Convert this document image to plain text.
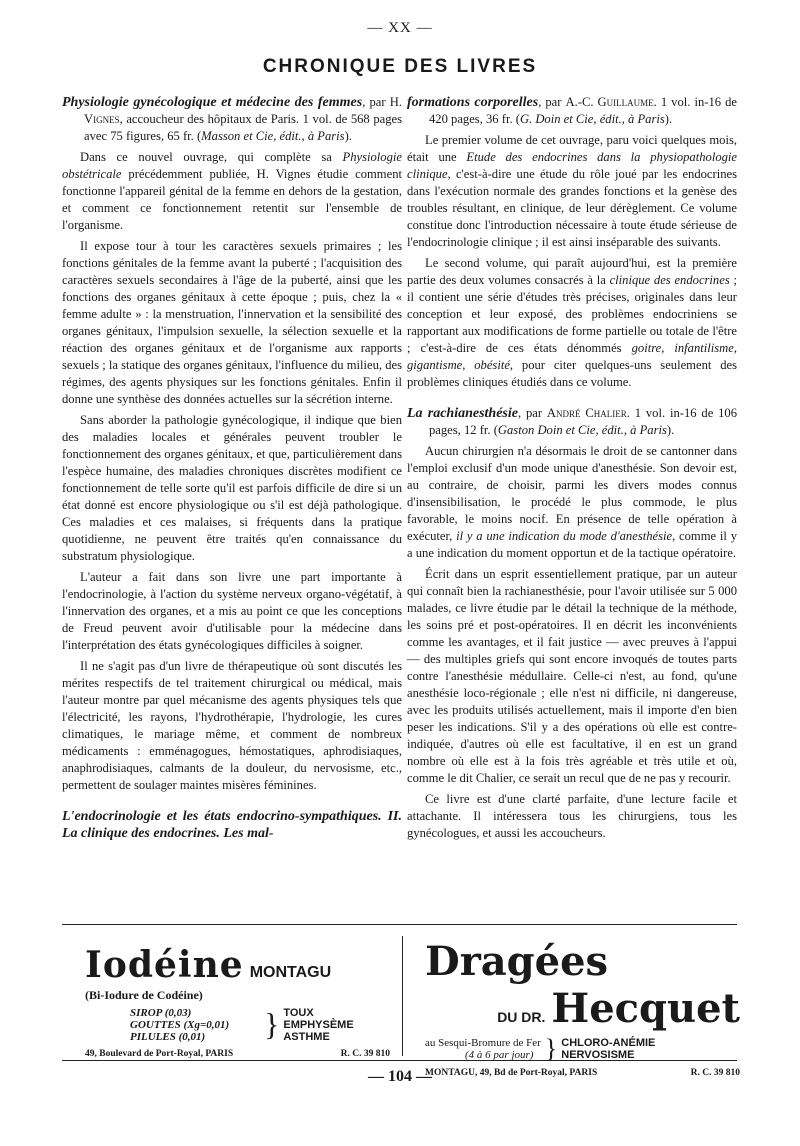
— XX —
CHRONIQUE DES LIVRES

Physiologie gynécologique et médecine des femmes, par H. Vignes, accoucheur des hôpitaux de Paris. 1 vol. de 568 pages avec 75 figures, 65 fr. (Masson et Cie, édit., à Paris).

Dans ce nouvel ouvrage, qui complète sa Physiologie obstétricale précédemment publiée, H. Vignes étudie comment fonctionne l'appareil génital de la femme en dehors de la gestation, et comment ce fonctionnement retentit sur l'ensemble de l'organisme.

Il expose tour à tour les caractères sexuels primaires ; les fonctions génitales de la femme avant la puberté ; l'acquisition des caractères sexuels secondaires à l'âge de la puberté, ainsi que les fonctions des organes génitaux à cette époque ; puis, chez la « femme adulte » : la menstruation, l'innervation et la sensibilité des organes génitaux, l'impulsion sexuelle, la sélection sexuelle et la réaction des organes génitaux et de l'organisme aux rapports sexuels ; la statique des organes génitaux, l'influence du milieu, des régimes, des agents physiques sur les fonctions génitales. Enfin il donne une synthèse des données actuelles sur la sécrétion interne.

Sans aborder la pathologie gynécologique, il indique que bien des maladies locales et générales peuvent troubler le fonctionnement des organes génitaux, et que, particulièrement dans l'espèce humaine, des maladies chroniques discrètes modifient ce fonctionnement de telle sorte qu'il est parfois difficile de dire si un état donné est encore physiologique ou s'il est déjà pathologique. Ces maladies et ces malaises, si fréquents dans la pratique quotidienne, ne peuvent être traités qu'en connaissance du substratum physiologique.

L'auteur a fait dans son livre une part importante à l'endocrinologie, à l'action du système nerveux organo-végétatif, à l'innervation des organes, et a mis au point ce que les conceptions de Freud peuvent avoir d'utilisable pour la médecine dans l'interprétation des états gynécologiques difficiles à soigner.

Il ne s'agit pas d'un livre de thérapeutique où sont discutés les mérites respectifs de tel traitement chirurgical ou médical, mais l'auteur montre par quel mécanisme des agents physiques tels que l'électricité, les rayons, l'hydrothérapie, l'hydrologie, les cures climatiques, le mariage même, et comment de nombreux médicaments : emménagogues, hémostatiques, aphrodisiaques, anaphrodisiaques, calmants de la douleur, du nervosisme, etc., permettent de soulager maintes misères féminines.

L'endocrinologie et les états endocrino-sympathiques. II. La clinique des endocrines. Les mal-

formations corporelles, par A.-C. Guillaume. 1 vol. in-16 de 420 pages, 36 fr. (G. Doin et Cie, édit., à Paris).

Le premier volume de cet ouvrage, paru voici quelques mois, était une Etude des endocrines dans la physiopathologie clinique, c'est-à-dire une étude du rôle joué par les endocrines dans l'exécution normale des grandes fonctions et la genèse des troubles résultant, en clinique, de leur dérèglement. Ce volume constitue donc l'introduction nécessaire à toute étude sérieuse de l'endocrinologie clinique ; il est ainsi inséparable des suivants.

Le second volume, qui paraît aujourd'hui, est la première partie des deux volumes consacrés à la clinique des endocrines ; il contient une série d'études très précises, originales dans leur conception et leur exposé, des problèmes endocriniens se rapportant aux modifications de forme partielle ou totale de l'être ; c'est-à-dire de ces états dénommés goitre, infantilisme, gigantisme, obésité, pour citer quelques-uns seulement des problèmes cliniques étudiés dans ce volume.

La rachianesthésie, par André Chalier. 1 vol. in-16 de 106 pages, 12 fr. (Gaston Doin et Cie, édit., à Paris).

Aucun chirurgien n'a désormais le droit de se cantonner dans l'emploi exclusif d'un mode unique d'anesthésie. Son devoir est, au contraire, de choisir, parmi les divers modes connus d'insensibilisation, le procédé le plus commode, le plus favorable, le moins nocif. En présence de telle opération à exécuter, il y a une indication du mode d'anesthésie, comme il y a une indication du moment opportun et de la tactique opératoire.

Écrit dans un esprit essentiellement pratique, par un auteur qui connaît bien la rachianesthésie, pour l'avoir utilisée sur 5 000 malades, ce livre étudie par le détail la technique de la méthode, les soins pré et post-opératoires. Il en décrit les inconvénients comme les avantages, et il fait justice — avec preuves à l'appui — des multiples griefs qui sont encore invoqués de toutes parts contre l'anesthésie médullaire. Celle-ci n'est, au fond, qu'une anesthésie loco-régionale ; elle n'est ni difficile, ni dangereuse, avec les produits utilisés actuellement, mais il importe d'en bien peser les indications. S'il y a des opérations où elle est contre-indiquée, d'autres où elle est facultative, il en est un grand nombre où elle est à la fois très agréable et très utile et où, comme le dit Chalier, ce serait un recul que de ne pas y recourir.

Ce livre est d'une clarté parfaite, d'une lecture facile et attachante. Il intéressera tous les chirurgiens, tous les gynécologues, et aussi les accoucheurs.

Iodéine MONTAGU
(Bi-Iodure de Codéine)
SIROP (0,03)
GOUTTES (Xg=0,01)
PILULES (0,01)	} TOUX
EMPHYSÈME
ASTHME
49, Boulevard de Port-Royal, PARIS	R. C. 39 810
Dragées
DU DR. Hecquet
au Sesqui-Bromure de Fer
(4 à 6 par jour) } CHLORO-ANÉMIE
NERVOSISME
MONTAGU, 49, Bd de Port-Royal, PARIS	R. C. 39 810
— 104 —
